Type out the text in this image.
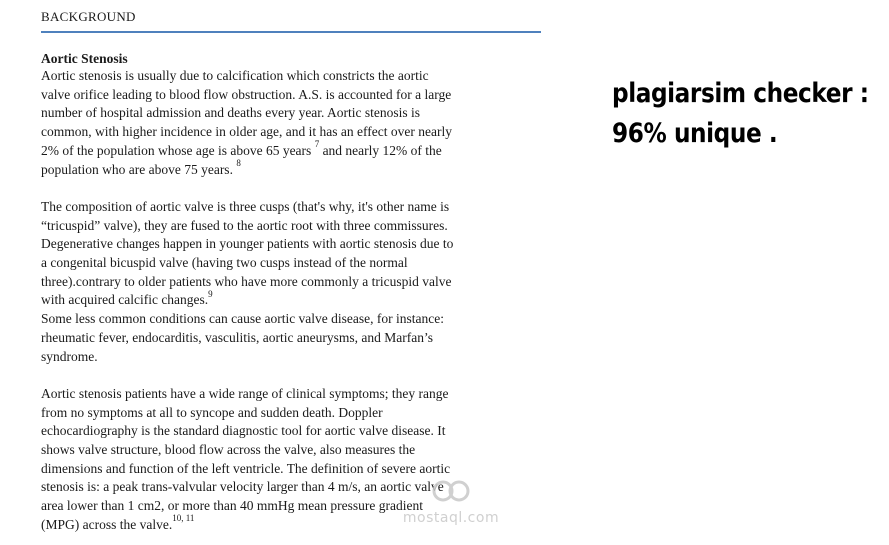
BACKGROUND
Aortic Stenosis
Aortic stenosis is usually due to calcification which constricts the aortic
valve orifice leading to blood flow obstruction. A.S. is accounted for a large
number of hospital admission and deaths every year. Aortic stenosis is
common, with higher incidence in older age, and it has an effect over nearly
2% of the population whose age is above 65 years $^7$ and nearly 12% of the
population who are above 75 years. $^8$
The composition of aortic valve is three cusps (that's why, it's other name is
“tricuspid” valve), they are fused to the aortic root with three commissures.
Degenerative changes happen in younger patients with aortic stenosis due to
a congenital bicuspid valve (having two cusps instead of the normal
three).contrary to older patients who have more commonly a tricuspid valve
with acquired calcific changes.$^9$
Some less common conditions can cause aortic valve disease, for instance:
rheumatic fever, endocarditis, vasculitis, aortic aneurysms, and Marfan’s
syndrome.
Aortic stenosis patients have a wide range of clinical symptoms; they range
from no symptoms at all to syncope and sudden death. Doppler
echocardiography is the standard diagnostic tool for aortic valve disease. It
shows valve structure, blood flow across the valve, also measures the
dimensions and function of the left ventricle. The definition of severe aortic
stenosis is: a peak trans-valvular velocity larger than 4 m/s, an aortic valve
area lower than 1 cm2, or more than 40 mmHg mean pressure gradient
(MPG) across the valve.$^{10, 11}$
plagiarsim checker :
96% unique .
mostaql.com
